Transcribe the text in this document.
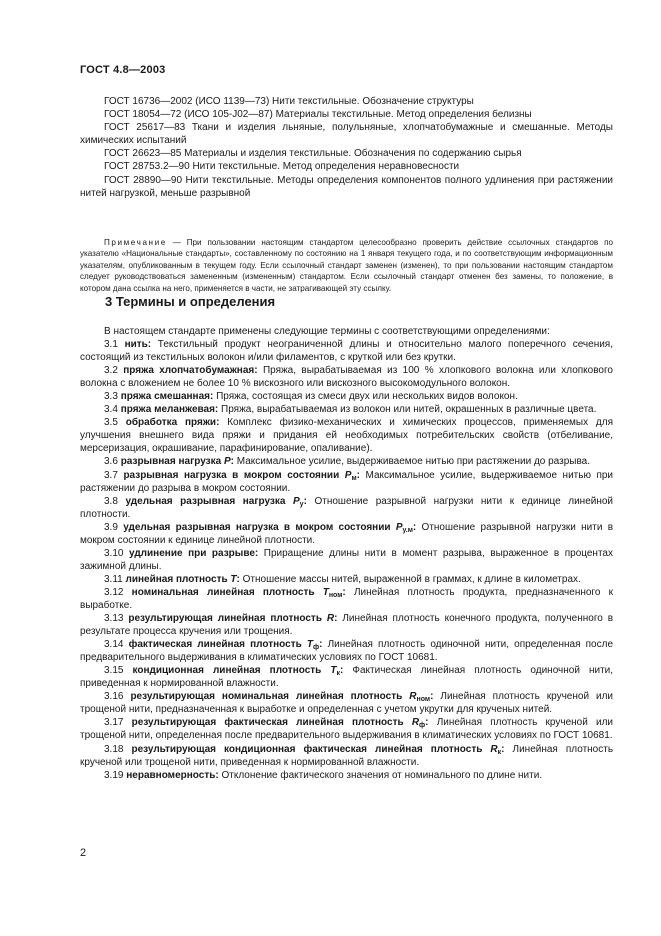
ГОСТ 4.8—2003

ГОСТ 16736—2002 (ИСО 1139—73) Нити текстильные. Обозначение структуры

ГОСТ 18054—72 (ИСО 105-J02—87) Материалы текстильные. Метод определения белизны

ГОСТ 25617—83 Ткани и изделия льняные, полульняные, хлопчатобумажные и смешанные. Методы химических испытаний

ГОСТ 26623—85 Материалы и изделия текстильные. Обозначения по содержанию сырья

ГОСТ 28753.2—90 Нити текстильные. Метод определения неравновесности

ГОСТ 28890—90 Нити текстильные. Методы определения компонентов полного удлинения при растяжении нитей нагрузкой, меньше разрывной

Примечание — При пользовании настоящим стандартом целесообразно проверить действие ссылочных стандартов по указателю «Национальные стандарты», составленному по состоянию на 1 января текущего года, и по соответствующим информационным указателям, опубликованным в текущем году. Если ссылочный стандарт заменен (изменен), то при пользовании настоящим стандартом следует руководствоваться замененным (измененным) стандартом. Если ссылочный стандарт отменен без замены, то положение, в котором дана ссылка на него, применяется в части, не затрагивающей эту ссылку.

3 Термины и определения

В настоящем стандарте применены следующие термины с соответствующими определениями:

3.1 нить: Текстильный продукт неограниченной длины и относительно малого поперечного сечения, состоящий из текстильных волокон и/или филаментов, с круткой или без крутки.

3.2 пряжа хлопчатобумажная: Пряжа, вырабатываемая из 100 % хлопкового волокна или хлопкового волокна с вложением не более 10 % вискозного или вискозного высокомодульного волокон.

3.3 пряжа смешанная: Пряжа, состоящая из смеси двух или нескольких видов волокон.

3.4 пряжа меланжевая: Пряжа, вырабатываемая из волокон или нитей, окрашенных в различные цвета.

3.5 обработка пряжи: Комплекс физико-механических и химических процессов, применяемых для улучшения внешнего вида пряжи и придания ей необходимых потребительских свойств (отбеливание, мерсеризация, окрашивание, парафинирование, опаливание).

3.6 разрывная нагрузка P: Максимальное усилие, выдерживаемое нитью при растяжении до разрыва.

3.7 разрывная нагрузка в мокром состоянии $P_м$: Максимальное усилие, выдерживаемое нитью при растяжении до разрыва в мокром состоянии.

3.8 удельная разрывная нагрузка $P_у$: Отношение разрывной нагрузки нити к единице линейной плотности.

3.9 удельная разрывная нагрузка в мокром состоянии $P_{у.м}$: Отношение разрывной нагрузки нити в мокром состоянии к единице линейной плотности.

3.10 удлинение при разрыве: Приращение длины нити в момент разрыва, выраженное в процентах зажимной длины.

3.11 линейная плотность T: Отношение массы нитей, выраженной в граммах, к длине в километрах.

3.12 номинальная линейная плотность $T_{ном}$: Линейная плотность продукта, предназначенного к выработке.

3.13 результирующая линейная плотность R: Линейная плотность конечного продукта, полученного в результате процесса кручения или трощения.

3.14 фактическая линейная плотность $T_ф$: Линейная плотность одиночной нити, определенная после предварительного выдерживания в климатических условиях по ГОСТ 10681.

3.15 кондиционная линейная плотность $T_к$: Фактическая линейная плотность одиночной нити, приведенная к нормированной влажности.

3.16 результирующая номинальная линейная плотность $R_{ном}$: Линейная плотность крученой или трощеной нити, предназначенная к выработке и определенная с учетом укрутки для крученых нитей.

3.17 результирующая фактическая линейная плотность $R_ф$: Линейная плотность крученой или трощеной нити, определенная после предварительного выдерживания в климатических условиях по ГОСТ 10681.

3.18 результирующая кондиционная фактическая линейная плотность $R_к$: Линейная плотность крученой или трощеной нити, приведенная к нормированной влажности.

3.19 неравномерность: Отклонение фактического значения от номинального по длине нити.

2
